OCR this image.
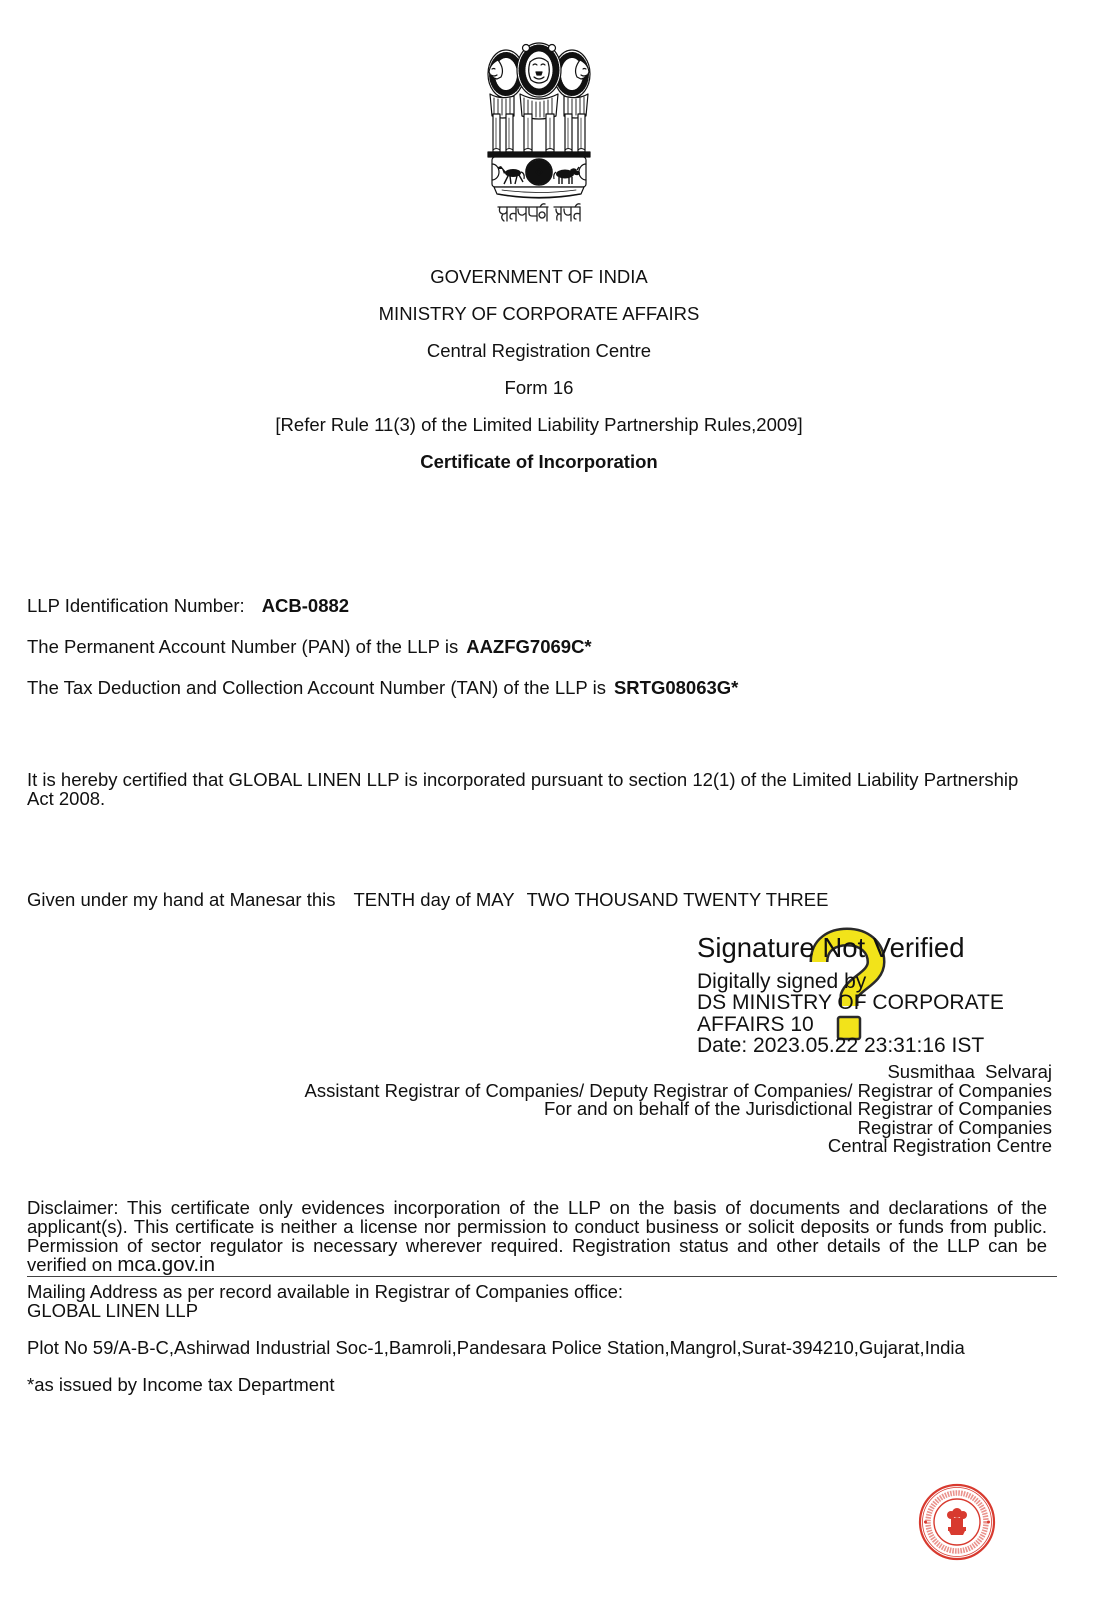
GOVERNMENT OF INDIA
MINISTRY OF CORPORATE AFFAIRS
Central Registration Centre
Form 16
[Refer Rule 11(3) of the Limited Liability Partnership Rules,2009]
Certificate of Incorporation
LLP Identification Number: ACB-0882
The Permanent Account Number (PAN) of the LLP is AAZFG7069C*
The Tax Deduction and Collection Account Number (TAN) of the LLP is SRTG08063G*
It is hereby certified that GLOBAL LINEN LLP is incorporated pursuant to section 12(1) of the Limited Liability Partnership Act 2008.
Given under my hand at Manesar this TENTH day of MAY TWO THOUSAND TWENTY THREE
Signature Not Verified
Digitally signed by
DS MINISTRY OF CORPORATE
AFFAIRS 10
Date: 2023.05.22 23:31:16 IST
Susmithaa  Selvaraj
Assistant Registrar of Companies/ Deputy Registrar of Companies/ Registrar of Companies
For and on behalf of the Jurisdictional Registrar of Companies
Registrar of Companies
Central Registration Centre
Disclaimer: This certificate only evidences incorporation of the LLP on the basis of documents and declarations of the applicant(s). This certificate is neither a license nor permission to conduct business or solicit deposits or funds from public. Permission of sector regulator is necessary wherever required. Registration status and other details of the LLP can be verified on mca.gov.in
Mailing Address as per record available in Registrar of Companies office:
GLOBAL LINEN LLP
Plot No 59/A-B-C,Ashirwad Industrial Soc-1,Bamroli,Pandesara Police Station,Mangrol,Surat-394210,Gujarat,India
*as issued by Income tax Department
